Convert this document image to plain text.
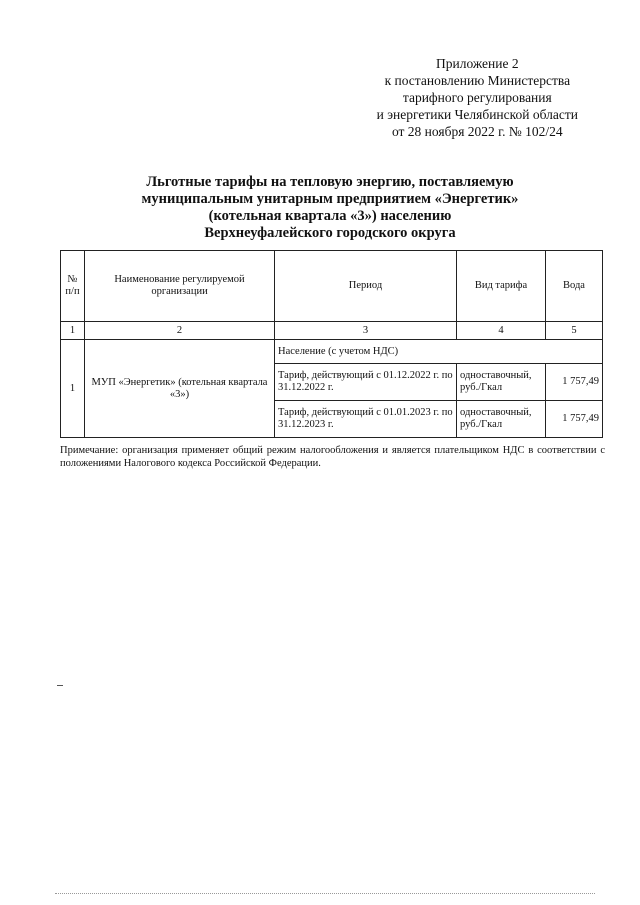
Приложение 2
к постановлению Министерства
тарифного регулирования
и энергетики Челябинской области
от 28 ноября 2022 г. № 102/24
Льготные тарифы на тепловую энергию, поставляемую
муниципальным унитарным предприятием «Энергетик»
(котельная квартала «3») населению
Верхнеуфалейского городского округа
№ п/п	Наименование регулируемой организации	Период	Вид тарифа	Вода
1	2	3	4	5
1	МУП «Энергетик» (котельная квартала «3»)	Население (с учетом НДС)		
		Тариф, действующий с 01.12.2022 г. по 31.12.2022 г.	одноставочный, руб./Гкал	1 757,49
		Тариф, действующий с 01.01.2023 г. по 31.12.2023 г.	одноставочный, руб./Гкал	1 757,49
Примечание: организация применяет общий режим налогообложения и является плательщиком НДС в соответствии с положениями Налогового кодекса Российской Федерации.
